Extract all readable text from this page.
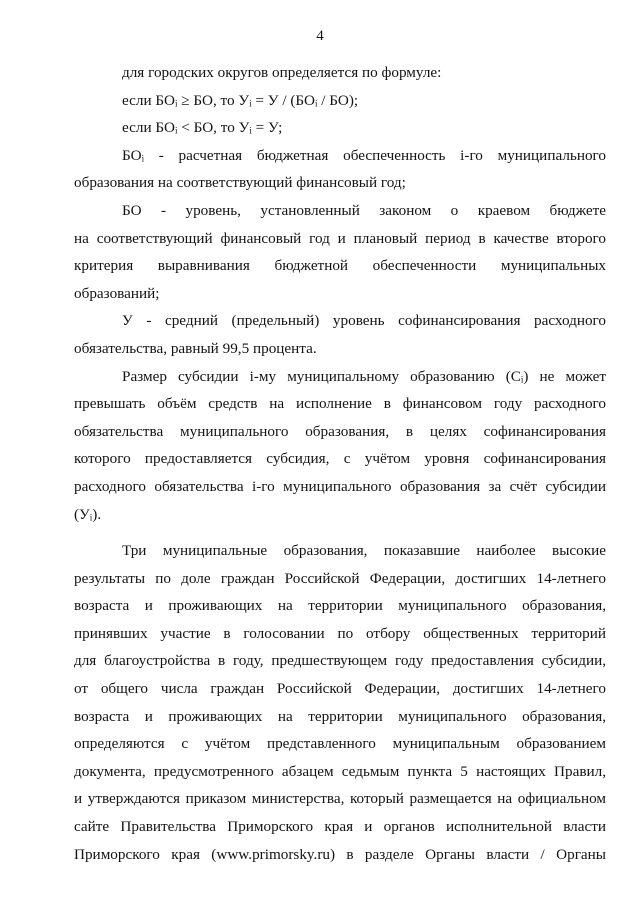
4
для городских округов определяется по формуле:
если БОᵢ ≥ БО, то Уᵢ = У / (БОᵢ / БО);
если БОᵢ < БО, то Уᵢ = У;
БОᵢ - расчетная бюджетная обеспеченность i-го муниципального
образования на соответствующий финансовый год;
БО - уровень, установленный законом о краевом бюджете
на соответствующий финансовый год и плановый период в качестве второго
критерия выравнивания бюджетной обеспеченности муниципальных
образований;
У - средний (предельный) уровень софинансирования расходного
обязательства, равный 99,5 процента.
Размер субсидии i-му муниципальному образованию (Cᵢ) не может
превышать объём средств на исполнение в финансовом году расходного
обязательства муниципального образования, в целях софинансирования
которого предоставляется субсидия, с учётом уровня софинансирования
расходного обязательства i-го муниципального образования за счёт субсидии
(Уᵢ).
Три муниципальные образования, показавшие наиболее высокие
результаты по доле граждан Российской Федерации, достигших 14-летнего
возраста и проживающих на территории муниципального образования,
принявших участие в голосовании по отбору общественных территорий
для благоустройства в году, предшествующем году предоставления субсидии,
от общего числа граждан Российской Федерации, достигших 14-летнего
возраста и проживающих на территории муниципального образования,
определяются с учётом представленного муниципальным образованием
документа, предусмотренного абзацем седьмым пункта 5 настоящих Правил,
и утверждаются приказом министерства, который размещается на официальном
сайте Правительства Приморского края и органов исполнительной власти
Приморского края (www.primorsky.ru) в разделе Органы власти / Органы
